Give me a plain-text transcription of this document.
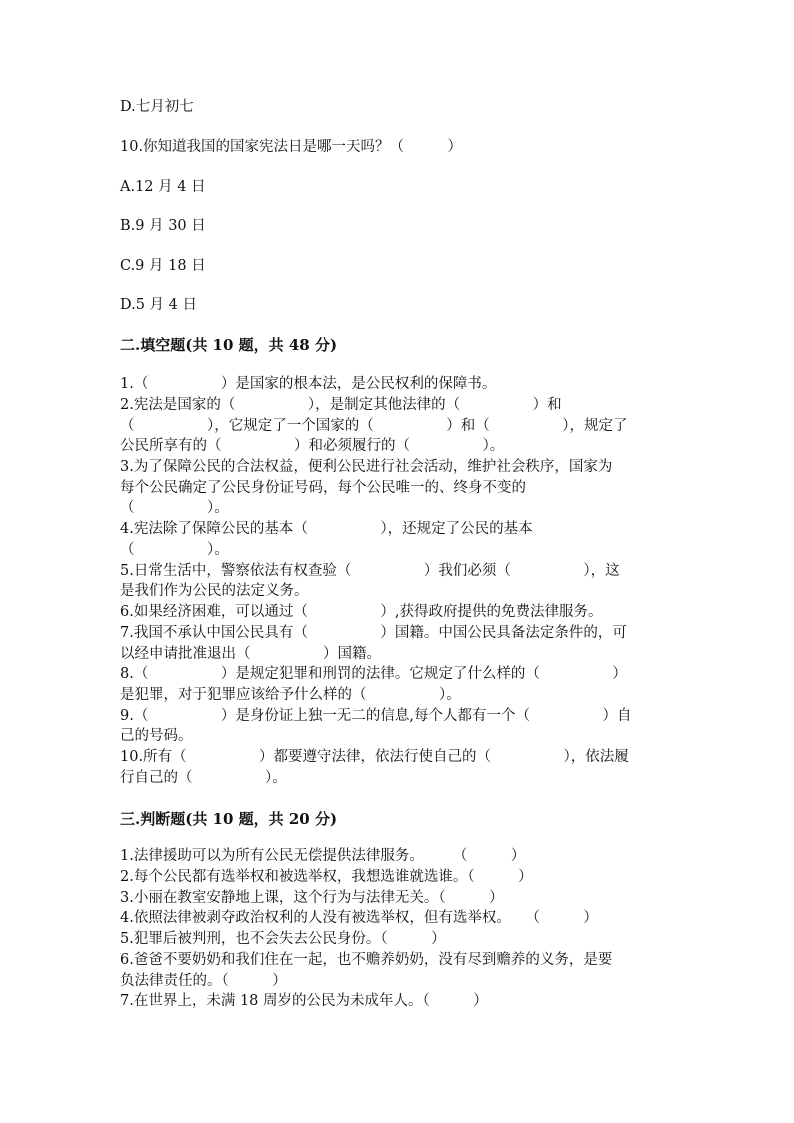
D.七月初七
10.你知道我国的国家宪法日是哪一天吗？（　　　）
A.12 月 4 日
B.9 月 30 日
C.9 月 18 日
D.5 月 4 日
二.填空题(共 10 题，共 48 分)
1.（　　　　　）是国家的根本法，是公民权利的保障书。
2.宪法是国家的（　　　　　），是制定其他法律的（　　　　　）和
（　　　　　），它规定了一个国家的（　　　　　）和（　　　　　），规定了
公民所享有的（　　　　　）和必须履行的（　　　　　）。
3.为了保障公民的合法权益，便利公民进行社会活动，维护社会秩序，国家为
每个公民确定了公民身份证号码，每个公民唯一的、终身不变的
（　　　　　）。
4.宪法除了保障公民的基本（　　　　　），还规定了公民的基本
（　　　　　）。
5.日常生活中，警察依法有权查验（　　　　　）我们必须（　　　　　），这
是我们作为公民的法定义务。
6.如果经济困难，可以通过（　　　　　）,获得政府提供的免费法律服务。
7.我国不承认中国公民具有（　　　　　）国籍。中国公民具备法定条件的，可
以经申请批准退出（　　　　　）国籍。
8.（　　　　　）是规定犯罪和刑罚的法律。它规定了什么样的（　　　　　）
是犯罪，对于犯罪应该给予什么样的（　　　　　）。
9.（　　　　　）是身份证上独一无二的信息,每个人都有一个（　　　　　）自
己的号码。
10.所有（　　　　　）都要遵守法律，依法行使自己的（　　　　　），依法履
行自己的（　　　　　）。
三.判断题(共 10 题，共 20 分)
1.法律援助可以为所有公民无偿提供法律服务。　　　（　　　）
2.每个公民都有选举权和被选举权，我想选谁就选谁。（　　　）
3.小丽在教室安静地上课，这个行为与法律无关。（　　　）
4.依照法律被剥夺政治权利的人没有被选举权，但有选举权。　　（　　　）
5.犯罪后被判刑，也不会失去公民身份。（　　　）
6.爸爸不要奶奶和我们住在一起，也不赡养奶奶，没有尽到赡养的义务，是要
负法律责任的。（　　　）
7.在世界上，未满 18 周岁的公民为未成年人。（　　　）
